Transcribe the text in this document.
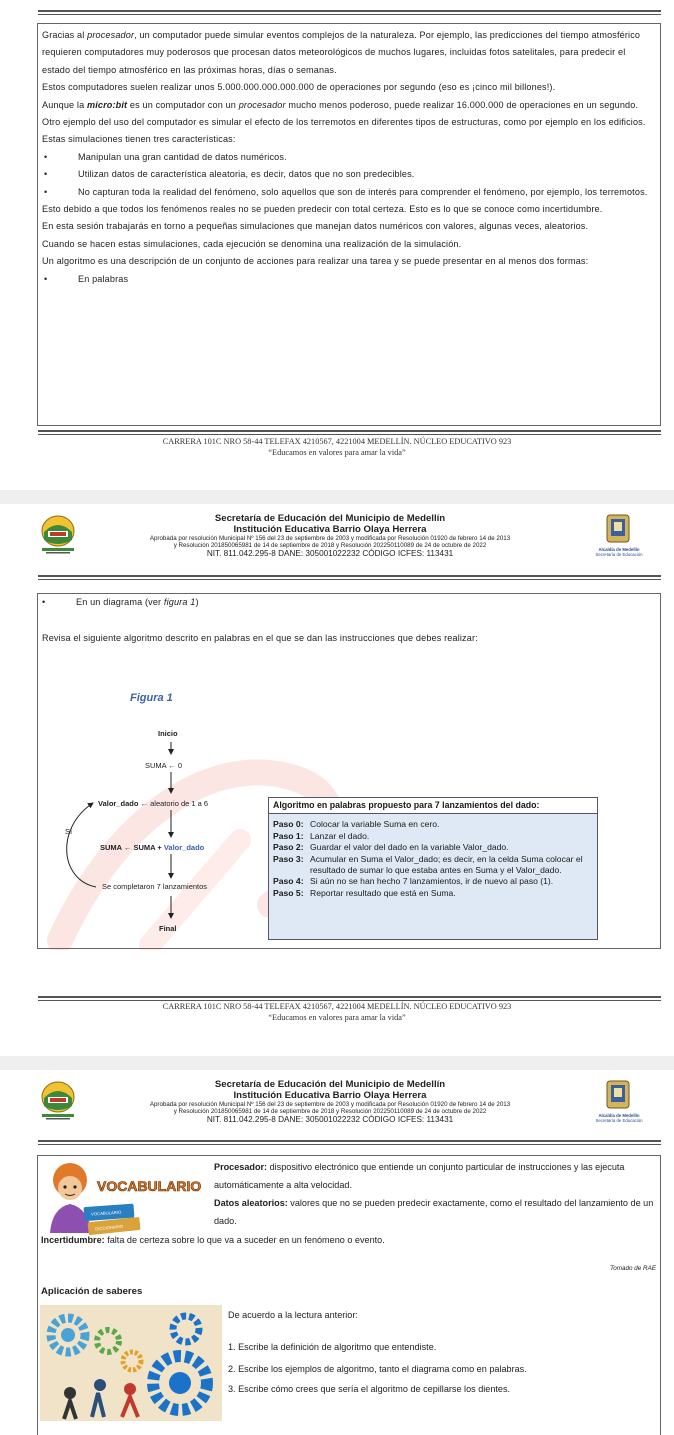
Gracias al procesador, un computador puede simular eventos complejos de la naturaleza. Por ejemplo, las predicciones del tiempo atmosférico requieren computadores muy poderosos que procesan datos meteorológicos de muchos lugares, incluidas fotos satelitales, para predecir el estado del tiempo atmosférico en las próximas horas, días o semanas.
Estos computadores suelen realizar unos 5.000.000.000.000.000 de operaciones por segundo (eso es ¡cinco mil billones!).
Aunque la micro:bit es un computador con un procesador mucho menos poderoso, puede realizar 16.000.000 de operaciones en un segundo.
Otro ejemplo del uso del computador es simular el efecto de los terremotos en diferentes tipos de estructuras, como por ejemplo en los edificios.
Estas simulaciones tienen tres características:
• Manipulan una gran cantidad de datos numéricos.
• Utilizan datos de característica aleatoria, es decir, datos que no son predecibles.
•	No capturan toda la realidad del fenómeno, solo aquellos que son de interés para comprender el fenómeno, por ejemplo, los terremotos.
Esto debido a que todos los fenómenos reales no se pueden predecir con total certeza. Esto es lo que se conoce como incertidumbre.
En esta sesión trabajarás en torno a pequeñas simulaciones que manejan datos numéricos con valores, algunas veces, aleatorios.
Cuando se hacen estas simulaciones, cada ejecución se denomina una realización de la simulación.
Un algoritmo es una descripción de un conjunto de acciones para realizar una tarea y se puede presentar en al menos dos formas:
• En palabras
CARRERA 101C NRO 58-44 TELEFAX 4210567, 4221004 MEDELLÍN. NÚCLEO EDUCATIVO 923
“Educamos en valores para amar la vida”
Secretaría de Educación del Municipio de Medellín
Institución Educativa Barrio Olaya Herrera
Aprobada por resolución Municipal Nº 156 del 23 de septiembre de 2003 y modificada por Resolución 01920 de febrero 14 de 2013
y Resolución 201850065981 de 14 de septiembre de 2018 y Resolución 202250110089 de 24 de octubre de 2022
NIT. 811.042.295-8 DANE: 305001022232 CÓDIGO ICFES: 113431	Alcaldía de Medellín
Secretaría de Educación
•	En un diagrama (ver figura 1)
Revisa el siguiente algoritmo descrito en palabras en el que se dan las instrucciones que debes realizar:
Figura 1
Inicio
SUMA ← 0
Valor_dado ← aleatorio de 1 a 6
Sí
SUMA ← SUMA + Valor_dado
Se completaron 7 lanzamientos
Final
Algoritmo en palabras propuesto para 7 lanzamientos del dado:
Paso 0: Colocar la variable Suma en cero.
Paso 1: Lanzar el dado.
Paso 2: Guardar el valor del dado en la variable Valor_dado.
Paso 3: Acumular en Suma el Valor_dado; es decir, en la celda Suma colocar el resultado de sumar lo que estaba antes en Suma y el Valor_dado.
Paso 4: Si aún no se han hecho 7 lanzamientos, ir de nuevo al paso (1).
Paso 5: Reportar resultado que está en Suma.
CARRERA 101C NRO 58-44 TELEFAX 4210567, 4221004 MEDELLÍN. NÚCLEO EDUCATIVO 923
“Educamos en valores para amar la vida”
Secretaría de Educación del Municipio de Medellín
Institución Educativa Barrio Olaya Herrera
Aprobada por resolución Municipal Nº 156 del 23 de septiembre de 2003 y modificada por Resolución 01920 de febrero 14 de 2013
y Resolución 201850065981 de 14 de septiembre de 2018 y Resolución 202250110089 de 24 de octubre de 2022
NIT. 811.042.295-8 DANE: 305001022232 CÓDIGO ICFES: 113431	Alcaldía de Medellín
Secretaría de Educación
VOCABULARIO
DICCIONARIO
VOCABULARIO
Procesador: dispositivo electrónico que entiende un conjunto particular de instrucciones y las ejecuta automáticamente a alta velocidad.
Datos aleatorios: valores que no se pueden predecir exactamente, como el resultado del lanzamiento de un dado.
Incertidumbre: falta de certeza sobre lo que va a suceder en un fenómeno o evento.
Tomado de RAE
Aplicación de saberes
De acuerdo a la lectura anterior:
1. Escribe la definición de algoritmo que entendiste.
2. Escribe los ejemplos de algoritmo, tanto el diagrama como en palabras.
3. Escribe cómo crees que sería el algoritmo de cepillarse los dientes.
